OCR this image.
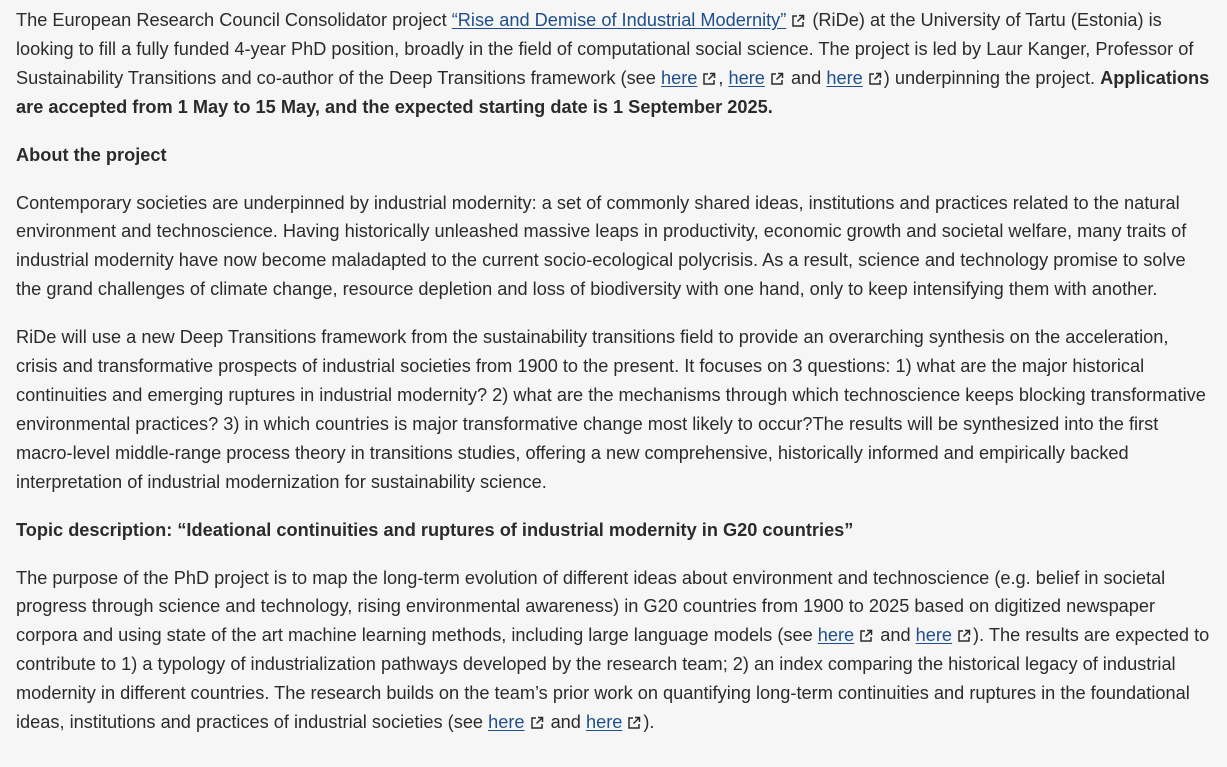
The European Research Council Consolidator project “Rise and Demise of Industrial Modernity”
(RiDe) at the University of Tartu (Estonia) is looking to fill a fully funded 4-year PhD position, broadly in the field of computational social science. The project is led by Laur Kanger, Professor of Sustainability Transitions and co-author of the Deep Transitions framework (see here , here
and here ) underpinning the project. Applications are accepted from 1 May to 15 May, and the expected starting date is 1 September 2025.

About the project

Contemporary societies are underpinned by industrial modernity: a set of commonly shared ideas, institutions and practices related to the natural environment and technoscience. Having historically unleashed massive leaps in productivity, economic growth and societal welfare, many traits of industrial modernity have now become maladapted to the current socio-ecological polycrisis. As a result, science and technology promise to solve the grand challenges of climate change, resource depletion and loss of biodiversity with one hand, only to keep intensifying them with another.

RiDe will use a new Deep Transitions framework from the sustainability transitions field to provide an overarching synthesis on the acceleration, crisis and transformative prospects of industrial societies from 1900 to the present. It focuses on 3 questions: 1) what are the major historical continuities and emerging ruptures in industrial modernity? 2) what are the mechanisms through which technoscience keeps blocking transformative environmental practices? 3) in which countries is major transformative change most likely to occur?The results will be synthesized into the first macro-level middle-range process theory in transitions studies, offering a new comprehensive, historically informed and empirically backed interpretation of industrial modernization for sustainability science.

Topic description: “Ideational continuities and ruptures of industrial modernity in G20 countries”

The purpose of the PhD project is to map the long-term evolution of different ideas about environment and technoscience (e.g. belief in societal progress through science and technology, rising environmental awareness) in G20 countries from 1900 to 2025 based on digitized newspaper corpora and using state of the art machine learning methods, including large language models (see here
and here ). The results are expected to contribute to 1) a typology of industrialization pathways developed by the research team; 2) an index comparing the historical legacy of industrial modernity in different countries. The research builds on the team’s prior work on quantifying long-term continuities and ruptures in the foundational ideas, institutions and practices of industrial societies (see here
and here ).
